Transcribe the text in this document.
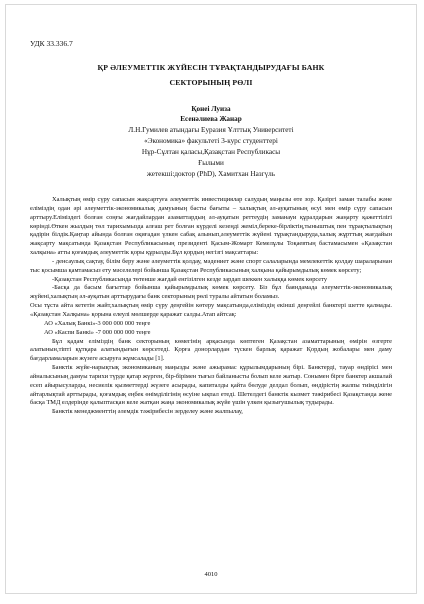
УДК 33.336.7
ҚР ӘЛЕУМЕТТІК ЖҮЙЕСІН ТҰРАҚТАНДЫРУДАҒЫ БАНК
СЕКТОРЫНЫҢ РӨЛІ
Қонеі Луиза
Есенәлиева Жанар
Л.Н.Гумилев атындағы Еуразия Ұлттық Университеті
«Экономика» факультеті 3-курс студенттері
Нұр-Сұлтан қаласы,Қазақстан Республикасы
Ғылыми
жетекші:доктор (PhD), Хамитхан Назгүль

Халықтың өмір сүру сапасын жақсартуға әлеуметтік инвестициялар салудың маңызы өте зор. Қазіргі заман талабы және еліміздің одан әрі әлеуметтік-экономикалық дамуының басты бағыты – халықтың әл-ауқатының өсуі мен өмір сүру сапасын арттыру.Еліміздегі болған соңғы жағдайлардан азаматтардың әл-ауқатын реттеудің заманауи құралдарын жаңарту қажеттілігі көрінді.Өткен жылдың төл тарихымызда алғаш рет болған күрделі кезеңді жеміл,береке-бірліктің,тыныштық пен тұрақтылықтың қадірін білдік.Қаңтар айында болған оқиғадан үлкен сабақ алынып,әлеуметтік жүйені тұрақтандыруда,халық жұрттың жағдайын жақсарту мақсатында Қазақстан Республикасының президенті Қасым-Жомарт Кемелұлы Тоқаевтың бастамасымен «Қазақстан халқына» атты қоғамдық әлеуметтік қоры құрылды.Бұл қордың негізгі мақсаттары:

- денсаулық сақтау, білім беру және әлеуметтік қолдау, мәдениет және спорт салаларында мемлекеттік қолдау шараларынан тыс қосымша қамтамасыз ету мәселелері бойынша Қазақстан Республикасының халқына қайырымдылық көмек көрсету;

-Қазақстан Республикасында төтенше жағдай енгізілген кезде зардап шеккен халыққа көмек көрсету

-Басқа да басым бағыттар бойынша қайырымдылық көмек көрсету. Біз бұл баяндамада әлеуметтік-экономикалық жүйені,халықтың әл-ауқатын арттырудағы банк секторының рөлі туралы айтатын боламыз.

Осы тұста айта кететін жайт,халықтың өмір сүру деңгейін көтеру мақсатында,еліміздің екінші деңгейлі банктері шетте қалмады. «Қазақстан Халқына» қорына елеулі мөлшерде қаражат салды.Атап айтсақ:

АО «Халық Банкі»-3 000 000 000 теңге

АО «Каспи Банкі» -7 000 000 000 теңге

Бұл қадам еліміздің банк секторының көмегінің арқасында көптеген Қазақстан азаматтарының өмірін өзгерте алатынын,тіпті құтқара алатындығын көрсетеді. Қорға донорлардан түскен барлық қаражат Қордың жобалары мен даму бағдарламаларын жүзеге асыруға жұмсалады [1].

Банктік жүйе-нарықтық экономиканың маңызды және ажырамас құрылымдарының бірі. Банктерді, тауар өндірісі мен айналысының дамуы тарихи түрде қатар жүрген, бір-бірімен тығыз байланысты болып келе жатыр. Сонымен бірге банктер акшалай есеп айырысуларды, несиелік қызметтерді жүзеге асырады, капиталды қайта бөлуде делдал болып, өндірістің жалпы тиімділігін айтарлықтай арттырады, қоғамдық еңбек өнімділігінің өсуіне ықпал етеді. Шетелдегі банктік кызмет тәжірибесі Қазақстанда жене басқа ТМД елдерінде қалыптасқан келе жатқан жаңа экономикалық жүйе үшін үлкен қызығушылық тудырады.

Банктік менеджменттің әлемдік тәжірибесін зерделеу және жалпылау,

4010
